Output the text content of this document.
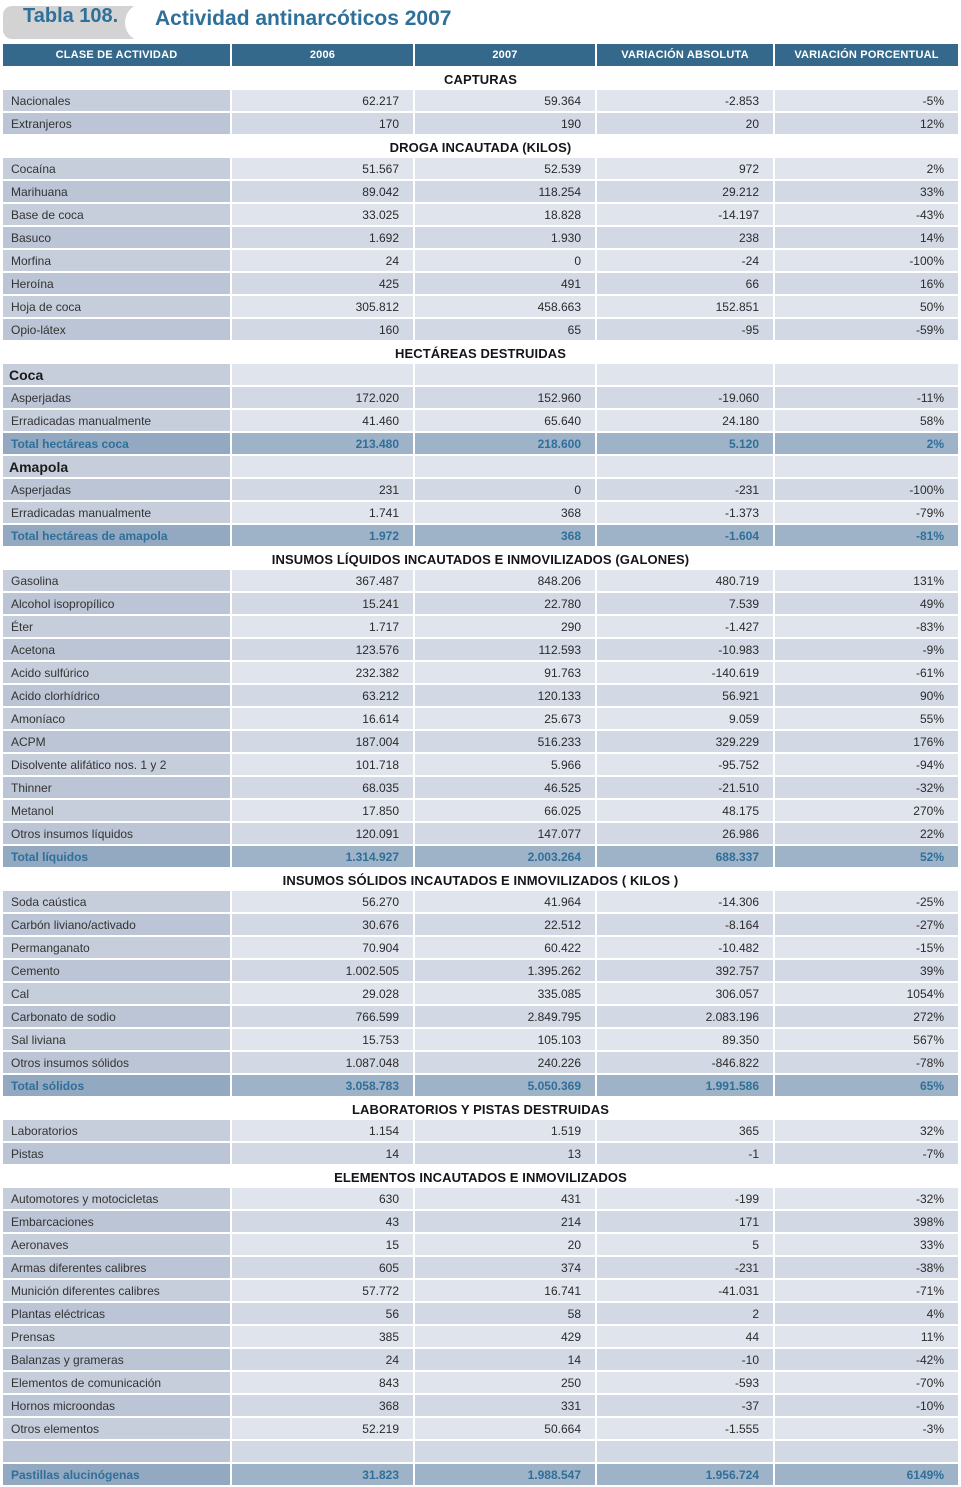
Tabla 108. Actividad antinarcóticos 2007
CLASE DE ACTIVIDAD	2006	2007	VARIACIÓN ABSOLUTA	VARIACIÓN PORCENTUAL
CAPTURAS
Nacionales	62.217	59.364	-2.853	-5%
Extranjeros	170	190	20	12%
DROGA INCAUTADA (KILOS)
Cocaína	51.567	52.539	972	2%
Marihuana	89.042	118.254	29.212	33%
Base de coca	33.025	18.828	-14.197	-43%
Basuco	1.692	1.930	238	14%
Morfina	24	0	-24	-100%
Heroína	425	491	66	16%
Hoja de coca	305.812	458.663	152.851	50%
Opio-látex	160	65	-95	-59%
HECTÁREAS DESTRUIDAS
Coca
Asperjadas	172.020	152.960	-19.060	-11%
Erradicadas manualmente	41.460	65.640	24.180	58%
Total hectáreas coca	213.480	218.600	5.120	2%
Amapola
Asperjadas	231	0	-231	-100%
Erradicadas manualmente	1.741	368	-1.373	-79%
Total hectáreas de amapola	1.972	368	-1.604	-81%
INSUMOS LÍQUIDOS INCAUTADOS E INMOVILIZADOS (GALONES)
Gasolina	367.487	848.206	480.719	131%
Alcohol isopropílico	15.241	22.780	7.539	49%
Éter	1.717	290	-1.427	-83%
Acetona	123.576	112.593	-10.983	-9%
Acido sulfúrico	232.382	91.763	-140.619	-61%
Acido clorhídrico	63.212	120.133	56.921	90%
Amoníaco	16.614	25.673	9.059	55%
ACPM	187.004	516.233	329.229	176%
Disolvente alifático nos. 1 y 2	101.718	5.966	-95.752	-94%
Thinner	68.035	46.525	-21.510	-32%
Metanol	17.850	66.025	48.175	270%
Otros insumos líquidos	120.091	147.077	26.986	22%
Total líquidos	1.314.927	2.003.264	688.337	52%
INSUMOS SÓLIDOS INCAUTADOS E INMOVILIZADOS ( KILOS )
Soda caústica	56.270	41.964	-14.306	-25%
Carbón liviano/activado	30.676	22.512	-8.164	-27%
Permanganato	70.904	60.422	-10.482	-15%
Cemento	1.002.505	1.395.262	392.757	39%
Cal	29.028	335.085	306.057	1054%
Carbonato de sodio	766.599	2.849.795	2.083.196	272%
Sal liviana	15.753	105.103	89.350	567%
Otros insumos sólidos	1.087.048	240.226	-846.822	-78%
Total sólidos	3.058.783	5.050.369	1.991.586	65%
LABORATORIOS Y PISTAS DESTRUIDAS
Laboratorios	1.154	1.519	365	32%
Pistas	14	13	-1	-7%
ELEMENTOS INCAUTADOS E INMOVILIZADOS
Automotores y motocicletas	630	431	-199	-32%
Embarcaciones	43	214	171	398%
Aeronaves	15	20	5	33%
Armas diferentes calibres	605	374	-231	-38%
Munición diferentes calibres	57.772	16.741	-41.031	-71%
Plantas eléctricas	56	58	2	4%
Prensas	385	429	44	11%
Balanzas y grameras	24	14	-10	-42%
Elementos de comunicación	843	250	-593	-70%
Hornos microondas	368	331	-37	-10%
Otros elementos	52.219	50.664	-1.555	-3%
Pastillas alucinógenas	31.823	1.988.547	1.956.724	6149%
